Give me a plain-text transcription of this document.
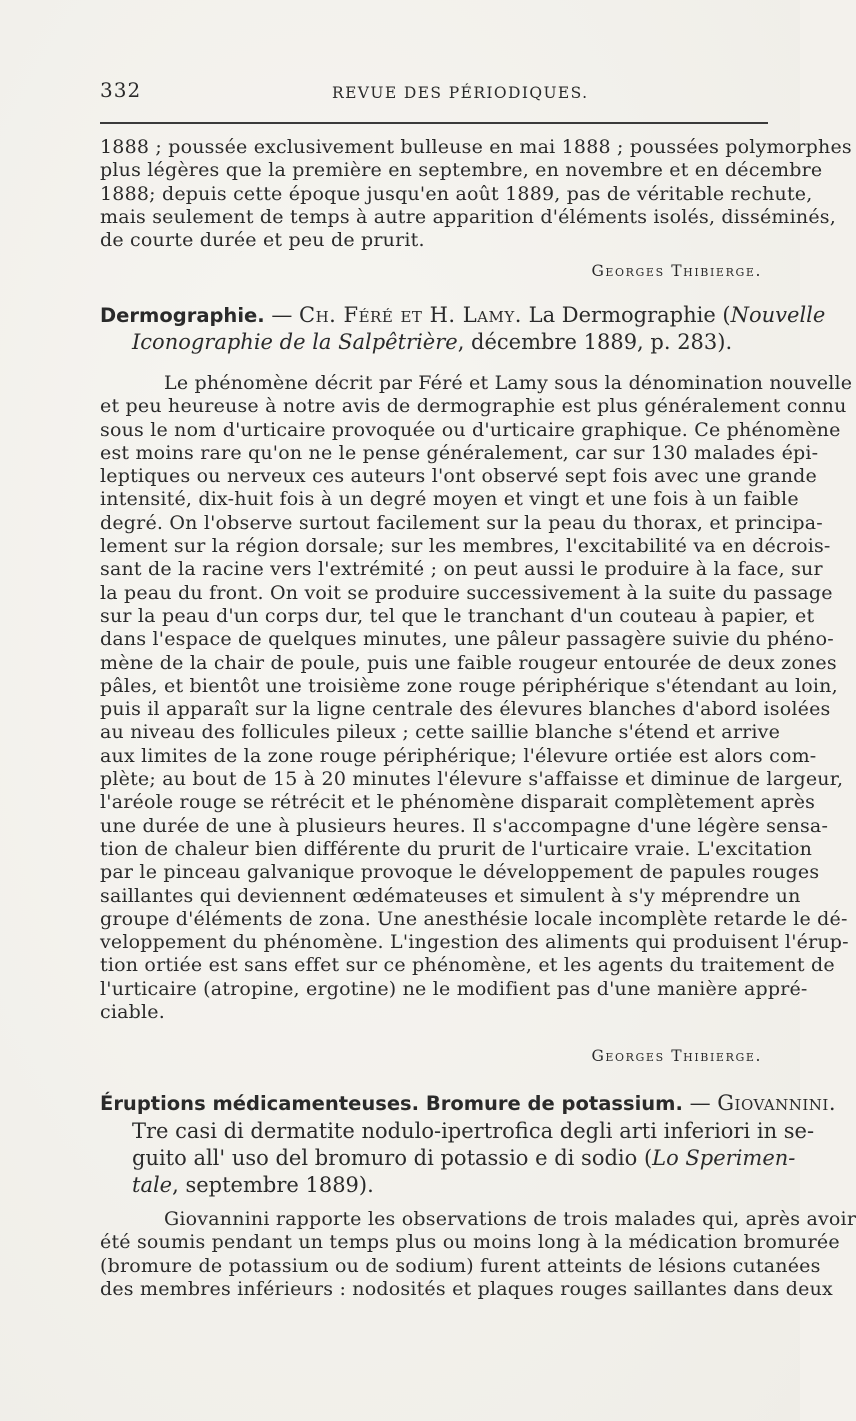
332	REVUE DES PÉRIODIQUES.
1888 ; poussée exclusivement bulleuse en mai 1888 ; poussées polymorphes
plus légères que la première en septembre, en novembre et en décembre
1888; depuis cette époque jusqu'en août 1889, pas de véritable rechute,
mais seulement de temps à autre apparition d'éléments isolés, disséminés,
de courte durée et peu de prurit.
Georges Thibierge.
Dermographie. — Ch. Féré et H. Lamy. La Dermographie (Nouvelle
Iconographie de la Salpêtrière, décembre 1889, p. 283).
Le phénomène décrit par Féré et Lamy sous la dénomination nouvelle
et peu heureuse à notre avis de dermographie est plus généralement connu
sous le nom d'urticaire provoquée ou d'urticaire graphique. Ce phénomène
est moins rare qu'on ne le pense généralement, car sur 130 malades épi-
leptiques ou nerveux ces auteurs l'ont observé sept fois avec une grande
intensité, dix-huit fois à un degré moyen et vingt et une fois à un faible
degré. On l'observe surtout facilement sur la peau du thorax, et principa-
lement sur la région dorsale; sur les membres, l'excitabilité va en décrois-
sant de la racine vers l'extrémité ; on peut aussi le produire à la face, sur
la peau du front. On voit se produire successivement à la suite du passage
sur la peau d'un corps dur, tel que le tranchant d'un couteau à papier, et
dans l'espace de quelques minutes, une pâleur passagère suivie du phéno-
mène de la chair de poule, puis une faible rougeur entourée de deux zones
pâles, et bientôt une troisième zone rouge périphérique s'étendant au loin,
puis il apparaît sur la ligne centrale des élevures blanches d'abord isolées
au niveau des follicules pileux ; cette saillie blanche s'étend et arrive
aux limites de la zone rouge périphérique; l'élevure ortiée est alors com-
plète; au bout de 15 à 20 minutes l'élevure s'affaisse et diminue de largeur,
l'aréole rouge se rétrécit et le phénomène disparait complètement après
une durée de une à plusieurs heures. Il s'accompagne d'une légère sensa-
tion de chaleur bien différente du prurit de l'urticaire vraie. L'excitation
par le pinceau galvanique provoque le développement de papules rouges
saillantes qui deviennent œdémateuses et simulent à s'y méprendre un
groupe d'éléments de zona. Une anesthésie locale incomplète retarde le dé-
veloppement du phénomène. L'ingestion des aliments qui produisent l'érup-
tion ortiée est sans effet sur ce phénomène, et les agents du traitement de
l'urticaire (atropine, ergotine) ne le modifient pas d'une manière appré-
ciable.
Georges Thibierge.
Éruptions médicamenteuses. Bromure de potassium. — Giovannini.
Tre casi di dermatite nodulo-ipertrofica degli arti inferiori in se-
guito all' uso del bromuro di potassio e di sodio (Lo Sperimen-
tale, septembre 1889).
Giovannini rapporte les observations de trois malades qui, après avoir
été soumis pendant un temps plus ou moins long à la médication bromurée
(bromure de potassium ou de sodium) furent atteints de lésions cutanées
des membres inférieurs : nodosités et plaques rouges saillantes dans deux
